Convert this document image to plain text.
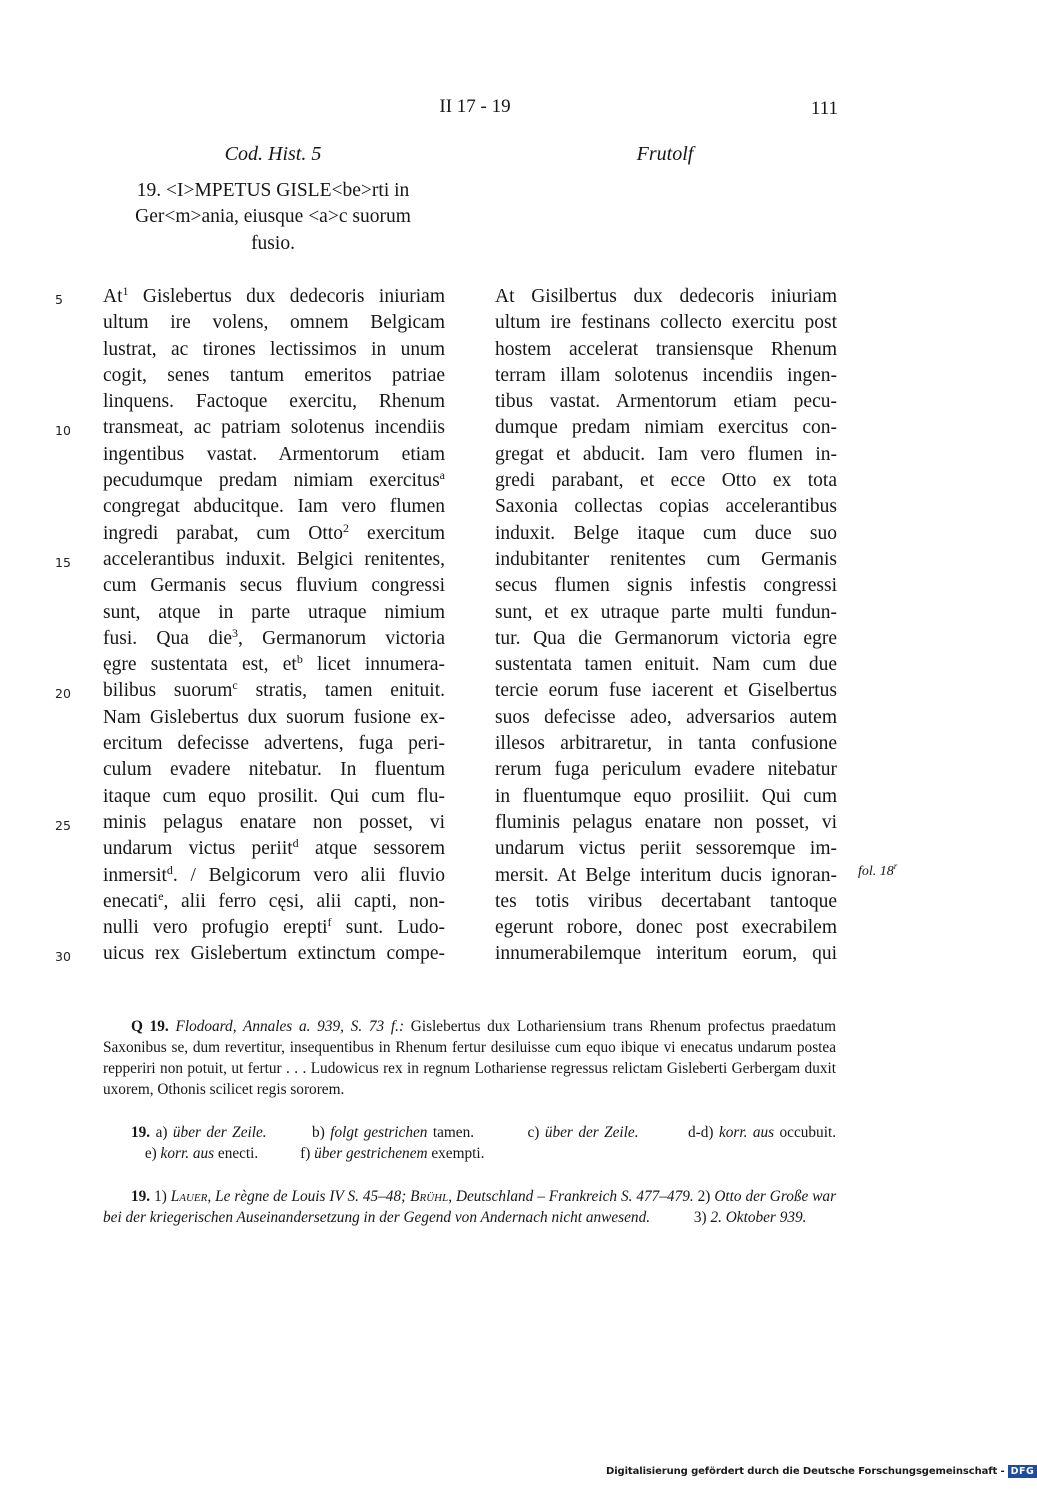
II 17 - 19	111
Cod. Hist. 5	Frutolf
19. <I>MPETUS GISLE<be>rti in
Ger<m>ania, eiusque <a>c suorum
fusio.
5
10
15
20
25
30
At$^1$ Gislebertus dux dedecoris iniuriam
ultum ire volens, omnem Belgicam
lustrat, ac tirones lectissimos in unum
cogit, senes tantum emeritos patriae
linquens. Factoque exercitu, Rhenum
transmeat, ac patriam solotenus incendiis
ingentibus vastat. Armentorum etiam
pecudumque predam nimiam exercitus$^a$
congregat abducitque. Iam vero flumen
ingredi parabat, cum Otto$^2$ exercitum
accelerantibus induxit. Belgici renitentes,
cum Germanis secus fluvium congressi
sunt, atque in parte utraque nimium
fusi. Qua die$^3$, Germanorum victoria
ęgre sustentata est, $et^b$ licet innumera-
bilibus suorum$^c$ stratis, tamen enituit.
Nam Gislebertus dux suorum fusione ex-
ercitum defecisse advertens, fuga peri-
culum evadere nitebatur. In fluentum
itaque cum equo prosilit. Qui cum flu-
minis pelagus enatare non posset, vi
undarum victus periit$^d$ atque sessorem
inmersit$^d$. / Belgicorum vero alii fluvio
enecati$^e$, alii ferro cęsi, alii capti, non-
nulli vero profugio erepti$^f$ sunt. Ludo-
uicus rex Gislebertum extinctum compe-
At Gisilbertus dux dedecoris iniuriam
ultum ire festinans collecto exercitu post
hostem accelerat transiensque Rhenum
terram illam solotenus incendiis ingen-
tibus vastat. Armentorum etiam pecu-
dumque predam nimiam exercitus con-
gregat et abducit. Iam vero flumen in-
gredi parabant, et ecce Otto ex tota
Saxonia collectas copias accelerantibus
induxit. Belge itaque cum duce suo
indubitanter renitentes cum Germanis
secus flumen signis infestis congressi
sunt, et ex utraque parte multi fundun-
tur. Qua die Germanorum victoria egre
sustentata tamen enituit. Nam cum due
tercie eorum fuse iacerent et Giselbertus
suos defecisse adeo, adversarios autem
illesos arbitraretur, in tanta confusione
rerum fuga periculum evadere nitebatur
in fluentumque equo prosiliit. Qui cum
fluminis pelagus enatare non posset, vi
undarum victus periit sessoremque im-
mersit. At Belge interitum ducis ignoran-
tes totis viribus decertabant tantoque
egerunt robore, donec post execrabilem
innumerabilemque interitum eorum, qui
fol. 18$^r$
Q 19. Flodoard, Annales a. 939, S. 73 f.: Gislebertus dux Lothariensium trans Rhenum profectus praedatum Saxonibus se, dum revertitur, insequentibus in Rhenum fertur desiluisse cum equo ibique vi enecatus undarum postea repperiri non potuit, ut fertur . . . Ludowicus rex in regnum Lothariense regressus relictam Gisleberti Gerbergam duxit uxorem, Othonis scilicet regis sororem.
19. a) über der Zeile.	b) folgt gestrichen tamen.	c) über der Zeile.	d-d) korr. aus occubuit. e) korr. aus enecti.	f) über gestrichenem exempti.
19. 1) Lauer, Le règne de Louis IV S. 45–48; Brühl, Deutschland – Frankreich S. 477–479. 2) Otto der Große war bei der kriegerischen Auseinandersetzung in der Gegend von Andernach nicht anwesend.	3) 2. Oktober 939.
Digitalisierung gefördert durch die Deutsche Forschungsgemeinschaft - DFG
